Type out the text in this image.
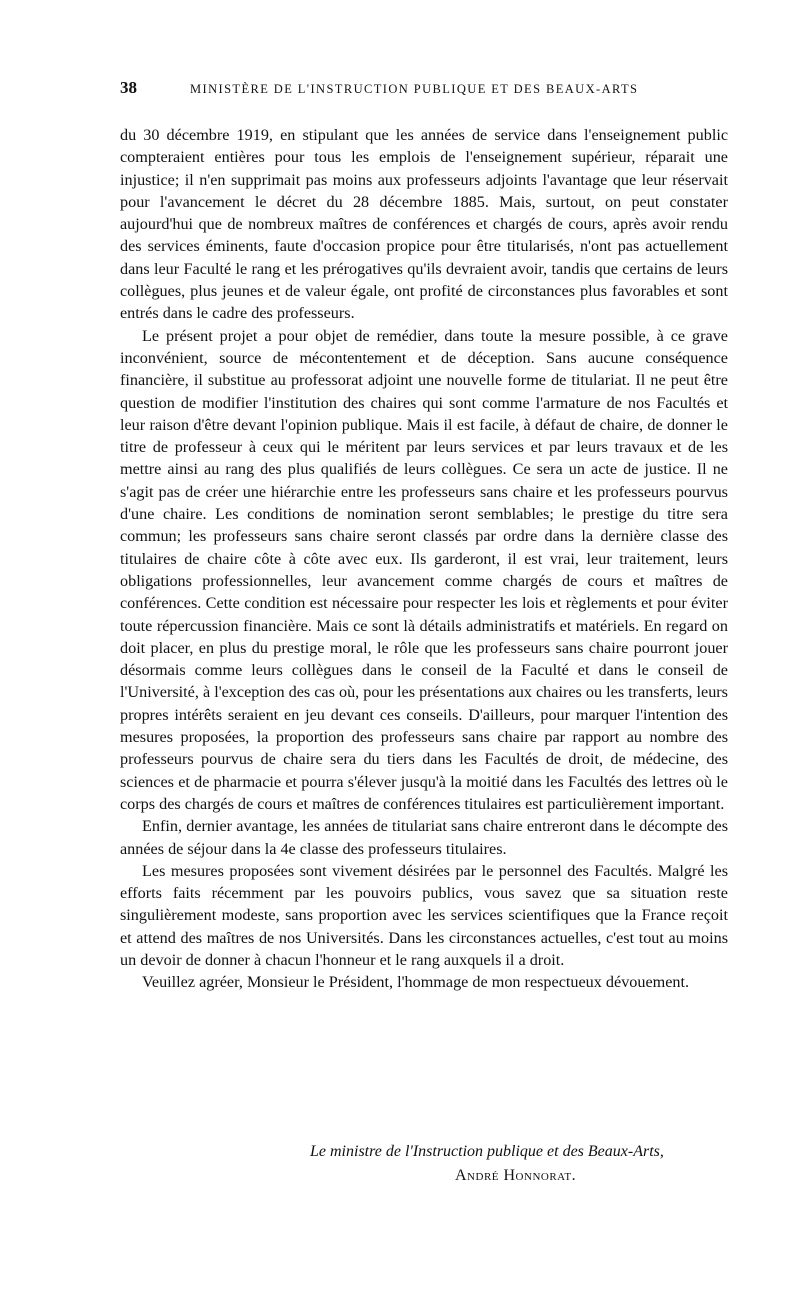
38	MINISTÈRE DE L'INSTRUCTION PUBLIQUE ET DES BEAUX-ARTS

du 30 décembre 1919, en stipulant que les années de service dans l'enseignement public compteraient entières pour tous les emplois de l'enseignement supérieur, réparait une injustice; il n'en supprimait pas moins aux professeurs adjoints l'avantage que leur réservait pour l'avancement le décret du 28 décembre 1885. Mais, surtout, on peut constater aujourd'hui que de nombreux maîtres de conférences et chargés de cours, après avoir rendu des services éminents, faute d'occasion propice pour être titularisés, n'ont pas actuellement dans leur Faculté le rang et les prérogatives qu'ils devraient avoir, tandis que certains de leurs collègues, plus jeunes et de valeur égale, ont profité de circonstances plus favorables et sont entrés dans le cadre des professeurs.

Le présent projet a pour objet de remédier, dans toute la mesure possible, à ce grave inconvénient, source de mécontentement et de déception. Sans aucune conséquence financière, il substitue au professorat adjoint une nouvelle forme de titulariat. Il ne peut être question de modifier l'institution des chaires qui sont comme l'armature de nos Facultés et leur raison d'être devant l'opinion publique. Mais il est facile, à défaut de chaire, de donner le titre de professeur à ceux qui le méritent par leurs services et par leurs travaux et de les mettre ainsi au rang des plus qualifiés de leurs collègues. Ce sera un acte de justice. Il ne s'agit pas de créer une hiérarchie entre les professeurs sans chaire et les professeurs pourvus d'une chaire. Les conditions de nomination seront semblables; le prestige du titre sera commun; les professeurs sans chaire seront classés par ordre dans la dernière classe des titulaires de chaire côte à côte avec eux. Ils garderont, il est vrai, leur traitement, leurs obligations professionnelles, leur avancement comme chargés de cours et maîtres de conférences. Cette condition est nécessaire pour respecter les lois et règlements et pour éviter toute répercussion financière. Mais ce sont là détails administratifs et matériels. En regard on doit placer, en plus du prestige moral, le rôle que les professeurs sans chaire pourront jouer désormais comme leurs collègues dans le conseil de la Faculté et dans le conseil de l'Université, à l'exception des cas où, pour les présentations aux chaires ou les transferts, leurs propres intérêts seraient en jeu devant ces conseils. D'ailleurs, pour marquer l'intention des mesures proposées, la proportion des professeurs sans chaire par rapport au nombre des professeurs pourvus de chaire sera du tiers dans les Facultés de droit, de médecine, des sciences et de pharmacie et pourra s'élever jusqu'à la moitié dans les Facultés des lettres où le corps des chargés de cours et maîtres de conférences titulaires est particulièrement important.

Enfin, dernier avantage, les années de titulariat sans chaire entreront dans le décompte des années de séjour dans la 4e classe des professeurs titulaires.

Les mesures proposées sont vivement désirées par le personnel des Facultés. Malgré les efforts faits récemment par les pouvoirs publics, vous savez que sa situation reste singulièrement modeste, sans proportion avec les services scientifiques que la France reçoit et attend des maîtres de nos Universités. Dans les circonstances actuelles, c'est tout au moins un devoir de donner à chacun l'honneur et le rang auxquels il a droit.

Veuillez agréer, Monsieur le Président, l'hommage de mon respectueux dévouement.

Le ministre de l'Instruction publique et des Beaux-Arts,
André Honnorat.
